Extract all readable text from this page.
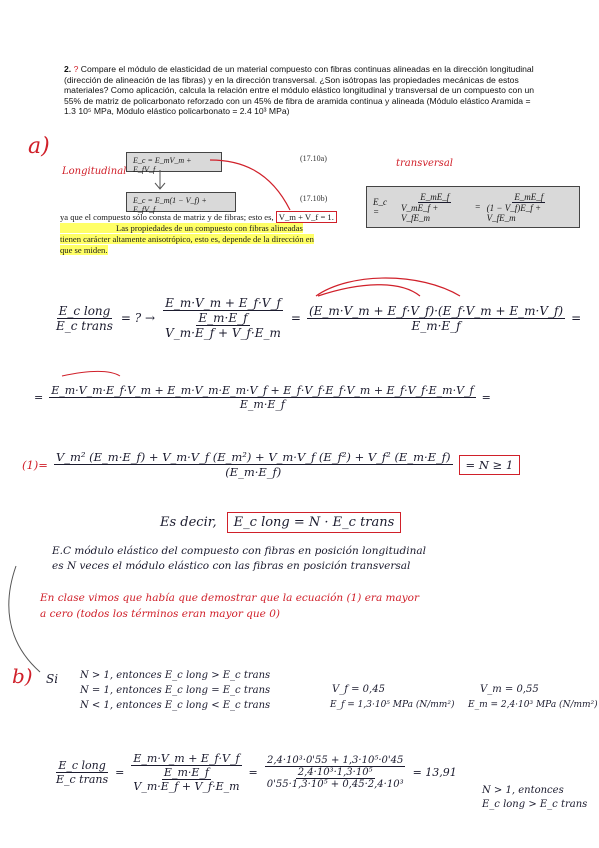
2. ? Compare el módulo de elasticidad de un material compuesto con fibras continuas alineadas en la dirección longitudinal (dirección de alineación de las fibras) y en la dirección transversal. ¿Son isótropas las propiedades mecánicas de estos materiales? Como aplicación, calcula la relación entre el módulo elástico longitudinal y transversal de un compuesto con un 55% de matriz de policarbonato reforzado con un 45% de fibra de aramida continua y alineada (Módulo elástico Aramida = 1.3 10⁵ MPa, Módulo elástico policarbonato = 2.4 10³ MPa)
a)
Longitudinal
transversal
E_c = E_mV_m + E_fV_f
(17.10a)
E_c = E_m(1 − V_f) + E_fV_f
(17.10b)
ya que el compuesto sólo consta de matriz y de fibras; esto es, V_m + V_f = 1.
Las propiedades de un compuesto con fibras alineadas
tienen carácter altamente anisotrópico, esto es, depende de la dirección en
que se miden.
E_c =	$\frac{E\_mE\_f}{V\_mE\_f + V\_fE\_m} = \frac{E\_mE\_f}{(1 - V\_f)E\_f + V\_fE\_m}$
$\frac{\text{E\_c long}}{\text{E\_c trans}}$ = ? → $\frac{E\_m\cdot V\_m + E\_f\cdot V\_f}{\frac{E\_m\cdot E\_f}{V\_m\cdot E\_f + V\_f\cdot E\_m}} = \frac{(E\_m\cdot V\_m + E\_f\cdot V\_f)\cdot(E\_f\cdot V\_m + E\_m\cdot V\_f)}{E\_m\cdot E\_f}$ =
=
E_m·V_m·E_f·V_m + E_m·V_m·E_m·V_f + E_f·V_f·E_f·V_m + E_f·V_f·E_m·V_f
E_m·E_f
=
(1)=
V_m² (E_m·E_f) + V_m·V_f (E_m²) + V_m·V_f (E_f²) + V_f² (E_m·E_f)
(E_m·E_f)
= N ≥ 1
Es decir,	E_c long = N · E_c trans
E.C módulo elástico del compuesto con fibras en posición longitudinal
es N veces el módulo elástico con las fibras en posición transversal
En clase vimos que había que demostrar que la ecuación (1) era mayor
a cero (todos los términos eran mayor que 0)
b) Si N > 1, entonces E_c long > E_c trans
N = 1, entonces E_c long = E_c trans
N < 1, entonces E_c long < E_c trans
V_f = 0,45	V_m = 0,55
E_f = 1,3·10⁵ MPa (N/mm²) E_m = 2,4·10³ MPa (N/mm²)
$\frac{\text{E\_c long}}{\text{E\_c trans}} = \frac{E\_m\cdot V\_m + E\_f\cdot V\_f}{\frac{E\_m\cdot E\_f}{V\_m\cdot E\_f + V\_f\cdot E\_m}} = \frac{\text{2,4·10³·0'55 + 1,3·10⁵·0'45}}{\frac{\text{2,4·10³·1,3·10⁵}}{\text{0'55·1,3·10⁵ + 0,45·2,4·10³}}} = 13,91$
N > 1, entonces
E_c long > E_c trans
